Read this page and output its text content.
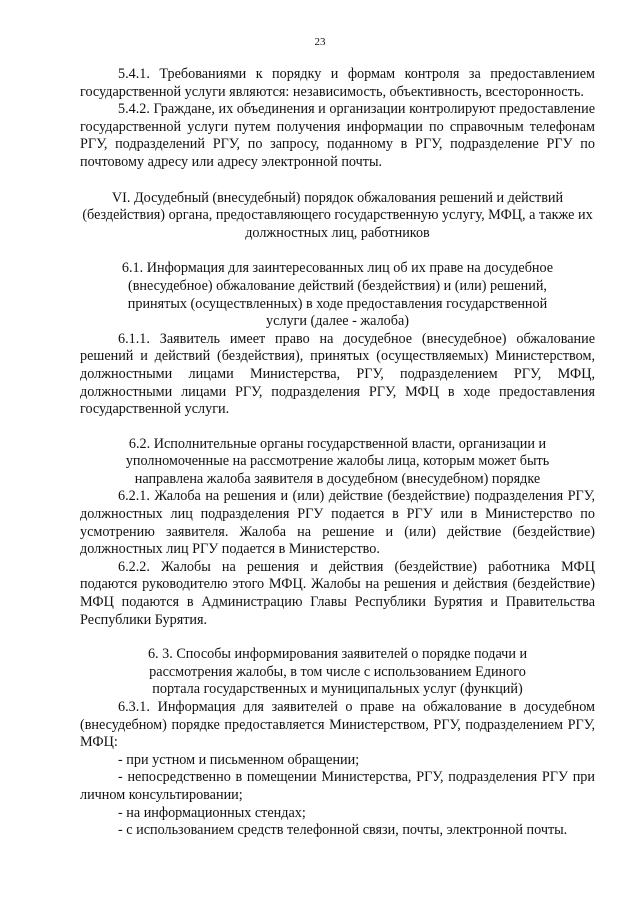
23

5.4.1. Требованиями к порядку и формам контроля за предоставлением государственной услуги являются: независимость, объективность, всесторонность.

5.4.2. Граждане, их объединения и организации контролируют предоставление государственной услуги путем получения информации по справочным телефонам РГУ, подразделений РГУ, по запросу, поданному в РГУ, подразделение РГУ по почтовому адресу или адресу электронной почты.

VI. Досудебный (внесудебный) порядок обжалования решений и действий (бездействия) органа, предоставляющего государственную услугу, МФЦ, а также их должностных лиц, работников

6.1. Информация для заинтересованных лиц об их праве на досудебное (внесудебное) обжалование действий (бездействия) и (или) решений, принятых (осуществленных) в ходе предоставления государственной услуги (далее - жалоба)

6.1.1. Заявитель имеет право на досудебное (внесудебное) обжалование решений и действий (бездействия), принятых (осуществляемых) Министерством, должностными лицами Министерства, РГУ, подразделением РГУ, МФЦ, должностными лицами РГУ, подразделения РГУ, МФЦ в ходе предоставления государственной услуги.

6.2. Исполнительные органы государственной власти, организации и уполномоченные на рассмотрение жалобы лица, которым может быть направлена жалоба заявителя в досудебном (внесудебном) порядке

6.2.1. Жалоба на решения и (или) действие (бездействие) подразделения РГУ, должностных лиц подразделения РГУ подается в РГУ или в Министерство по усмотрению заявителя. Жалоба на решение и (или) действие (бездействие) должностных лиц РГУ подается в Министерство.

6.2.2. Жалобы на решения и действия (бездействие) работника МФЦ подаются руководителю этого МФЦ. Жалобы на решения и действия (бездействие) МФЦ подаются в Администрацию Главы Республики Бурятия и Правительства Республики Бурятия.

6. 3. Способы информирования заявителей о порядке подачи и рассмотрения жалобы, в том числе с использованием Единого портала государственных и муниципальных услуг (функций)

6.3.1. Информация для заявителей о праве на обжалование в досудебном (внесудебном) порядке предоставляется Министерством, РГУ, подразделением РГУ, МФЦ:

- при устном и письменном обращении;

- непосредственно в помещении Министерства, РГУ, подразделения РГУ при личном консультировании;

- на информационных стендах;

- с использованием средств телефонной связи, почты, электронной почты.
